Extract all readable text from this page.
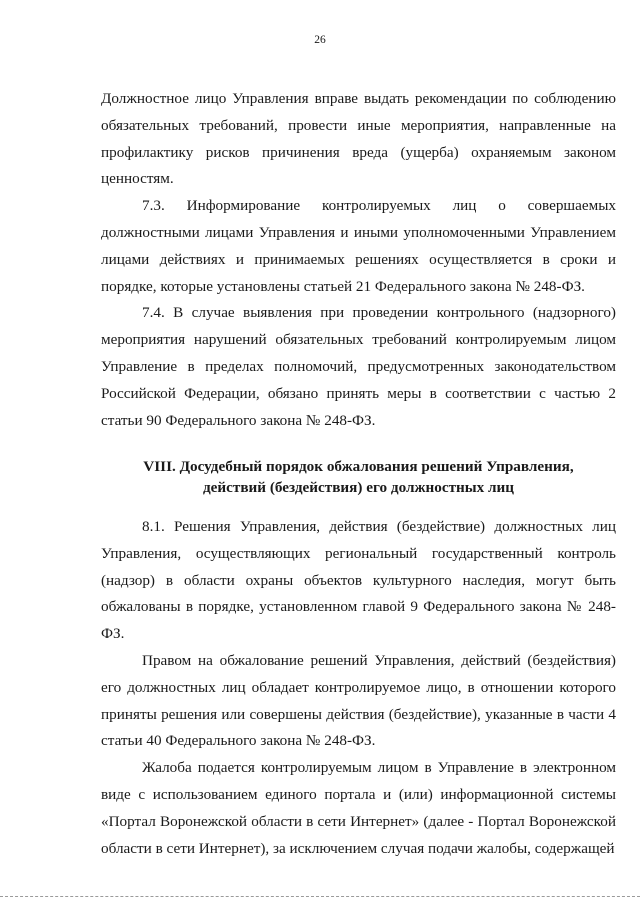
26

Должностное лицо Управления вправе выдать рекомендации по соблюдению обязательных требований, провести иные мероприятия, направленные на профилактику рисков причинения вреда (ущерба) охраняемым законом ценностям.

7.3. Информирование контролируемых лиц о совершаемых должностными лицами Управления и иными уполномоченными Управлением лицами действиях и принимаемых решениях осуществляется в сроки и порядке, которые установлены статьей 21 Федерального закона № 248-ФЗ.

7.4. В случае выявления при проведении контрольного (надзорного) мероприятия нарушений обязательных требований контролируемым лицом Управление в пределах полномочий, предусмотренных законодательством Российской Федерации, обязано принять меры в соответствии с частью 2 статьи 90 Федерального закона № 248-ФЗ.

VIII. Досудебный порядок обжалования решений Управления,
действий (бездействия) его должностных лиц

8.1. Решения Управления, действия (бездействие) должностных лиц Управления, осуществляющих региональный государственный контроль (надзор) в области охраны объектов культурного наследия, могут быть обжалованы в порядке, установленном главой 9 Федерального закона № 248-ФЗ.

Правом на обжалование решений Управления, действий (бездействия) его должностных лиц обладает контролируемое лицо, в отношении которого приняты решения или совершены действия (бездействие), указанные в части 4 статьи 40 Федерального закона № 248-ФЗ.

Жалоба подается контролируемым лицом в Управление в электронном виде с использованием единого портала и (или) информационной системы «Портал Воронежской области в сети Интернет» (далее - Портал Воронежской области в сети Интернет), за исключением случая подачи жалобы, содержащей
